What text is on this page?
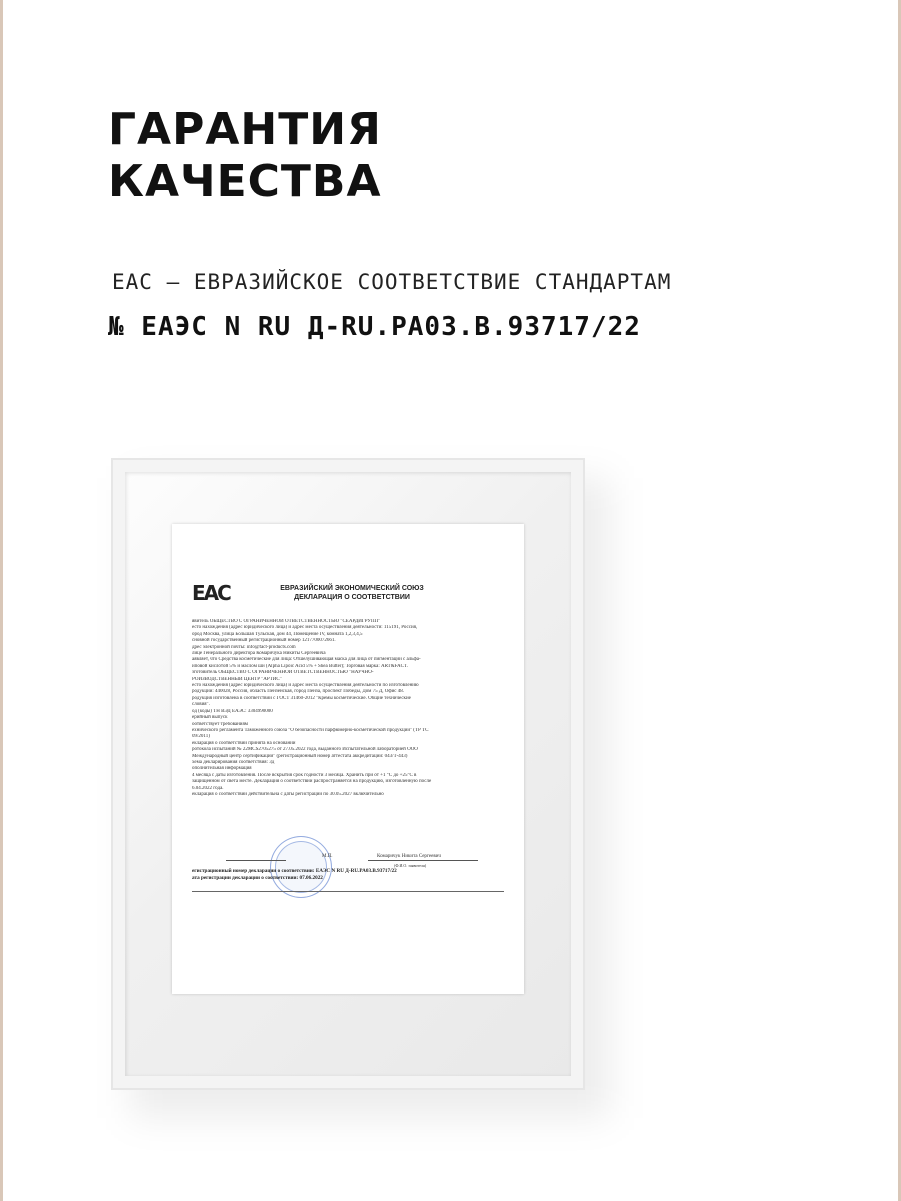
ГАРАНТИЯ
КАЧЕСТВА
ЕАС – ЕВРАЗИЙСКОЕ СООТВЕТСТВИЕ СТАНДАРТАМ
№ ЕАЭС N RU Д-RU.PA03.B.93717/22
ЕАС	ЕВРАЗИЙСКИЙ ЭКОНОМИЧЕСКИЙ СОЮЗ
ДЕКЛАРАЦИЯ О СООТВЕТСТВИИ
явитель ОБЩЕСТВО С ОГРАНИЧЕННОЙ ОТВЕТСТВЕННОСТЬЮ "СЕАРДИГРУПП"
есто нахождения (адрес юридического лица) и адрес места осуществления деятельности: 115191, Россия,
ород Москва, улица Большая Тульская, дом 44, Помещение IV, комната 1,2,3,4,5
сновной государственный регистрационный номер 1217700072661.
дрес электронной почты: info@fact-products.com
лице Генерального директора Комаричука Никиты Сергеевича
аявляет, что Средства косметические для лица: Отшелушивающая маска для лица от пигментации с альфа-
иповой кислотой 5% и маслом ши (Alpha Lipoic Acid 5% + Shea Butter); Торговая марка: ART&FACT.
зготовитель ОБЩЕСТВО С ОГРАНИЧЕННОЙ ОТВЕТСТВЕННОСТЬЮ "НАУЧНО-
РОИЗВОДСТВЕННЫЙ ЦЕНТР "АРТИС"
есто нахождения (адрес юридического лица) и адрес места осуществления деятельности по изготовлению
родукции: 440028, Россия, область Пензенская, город Пенза, проспект Победы, Дом 75 Д, Офис 48.
родукция изготовлена в соответствии с ГОСТ 31460-2012 "Кремы косметические. Общие технические
словия".
од (коды) ТН ВЭД ЕАЭС: 3304990000
ерийный выпуск
оответствует требованиям
ехнического регламента Таможенного союза "О безопасности парфюмерно-косметической продукции" (ТР ТС
09/2011)
екларация о соответствии принята на основании
ротокола испытаний № 22MCS2705275 от 27.05.2022 года, выданного Испытательной лабораторией ООО
Международный центр сертификации" (регистрационный номер аттестата аккредитации: 043/Т-443)
хема декларирования соответствия: 3д
ополнительная информация
4 месяца с даты изготовления. После вскрытия срок годности 3 месяца. Хранить при от +1 °С до +25°С в
защищенном от света месте. Декларация о соответствии распространяется на продукцию, изготовленную после
6.04.2022 года.
екларация о соответствии действительна с даты регистрации по 30.05.2027 включительно
М.П.	Комаричук Никита Сергеевич
(Ф.И.О. заявителя)
егистрационный номер декларации о соответствии: ЕАЭС N RU Д-RU.PA03.B.93717/22
ата регистрации декларации о соответствии: 07.06.2022
